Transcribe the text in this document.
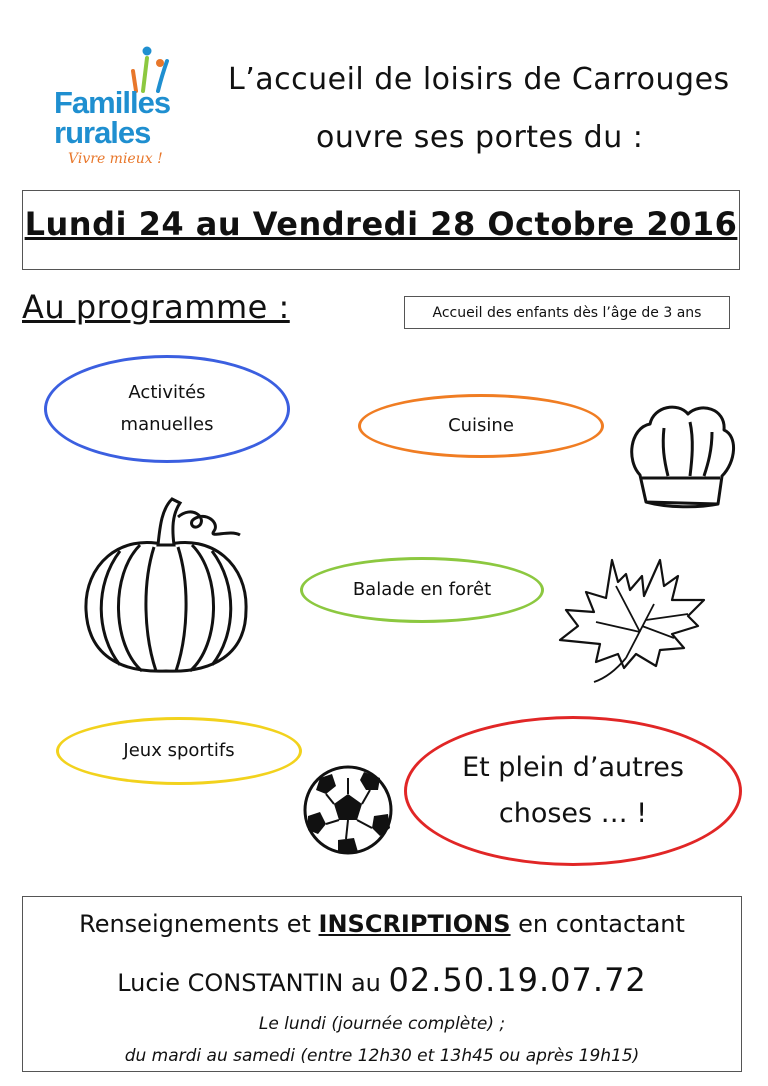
Familles
rurales
Vivre mieux !
L’accueil de loisirs de Carrouges
ouvre ses portes du :
Lundi 24 au Vendredi 28 Octobre 2016
Au programme :	Accueil des enfants dès l’âge de 3 ans
Activités
manuelles	Cuisine
Balade en forêt
Jeux sportifs
Et plein d’autres
choses … !
Renseignements et INSCRIPTIONS en contactant
Lucie CONSTANTIN au 02.50.19.07.72
Le lundi (journée complète) ;
du mardi au samedi (entre 12h30 et 13h45 ou après 19h15)
